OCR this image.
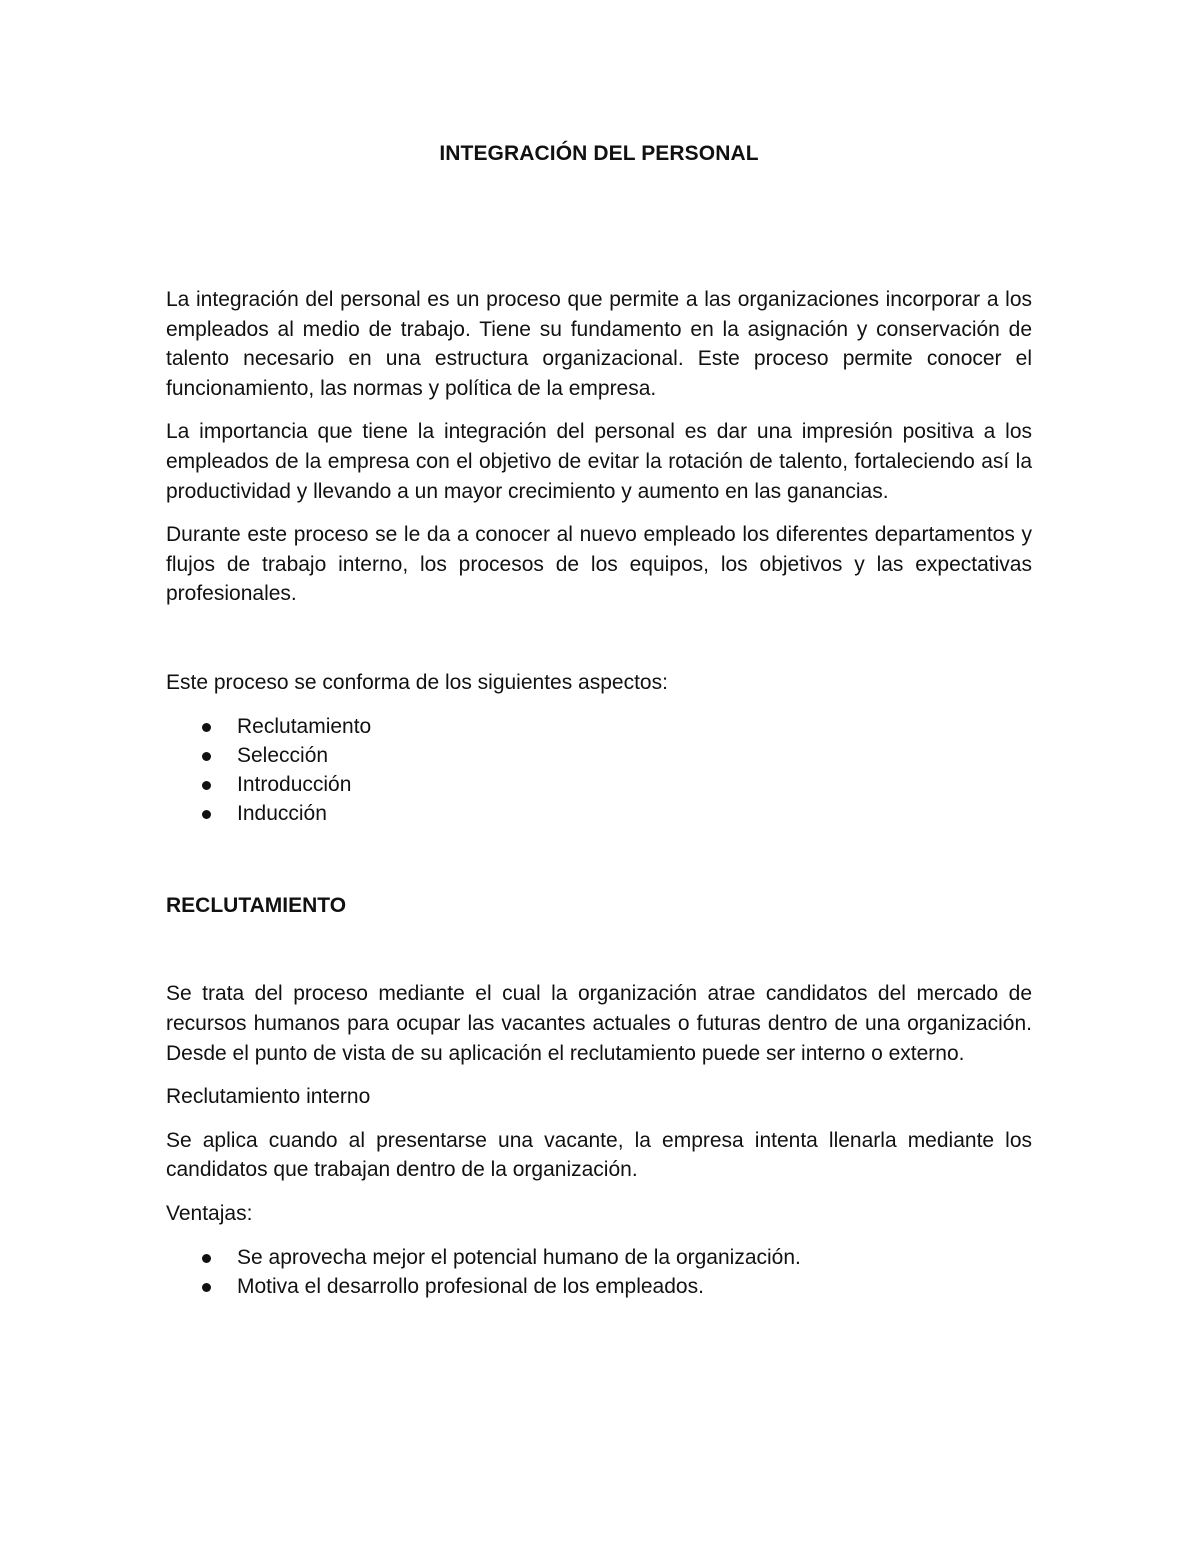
INTEGRACIÓN DEL PERSONAL

La integración del personal es un proceso que permite a las organizaciones incorporar a los empleados al medio de trabajo. Tiene su fundamento en la asignación y conservación de talento necesario en una estructura organizacional. Este proceso permite conocer el funcionamiento, las normas y política de la empresa.

La importancia que tiene la integración del personal es dar una impresión positiva a los empleados de la empresa con el objetivo de evitar la rotación de talento, fortaleciendo así la productividad y llevando a un mayor crecimiento y aumento en las ganancias.

Durante este proceso se le da a conocer al nuevo empleado los diferentes departamentos y flujos de trabajo interno, los procesos de los equipos, los objetivos y las expectativas profesionales.

Este proceso se conforma de los siguientes aspectos:

Reclutamiento
Selección
Introducción
Inducción
RECLUTAMIENTO

Se trata del proceso mediante el cual la organización atrae candidatos del mercado de recursos humanos para ocupar las vacantes actuales o futuras dentro de una organización. Desde el punto de vista de su aplicación el reclutamiento puede ser interno o externo.

Reclutamiento interno

Se aplica cuando al presentarse una vacante, la empresa intenta llenarla mediante los candidatos que trabajan dentro de la organización.

Ventajas:

Se aprovecha mejor el potencial humano de la organización.
Motiva el desarrollo profesional de los empleados.
